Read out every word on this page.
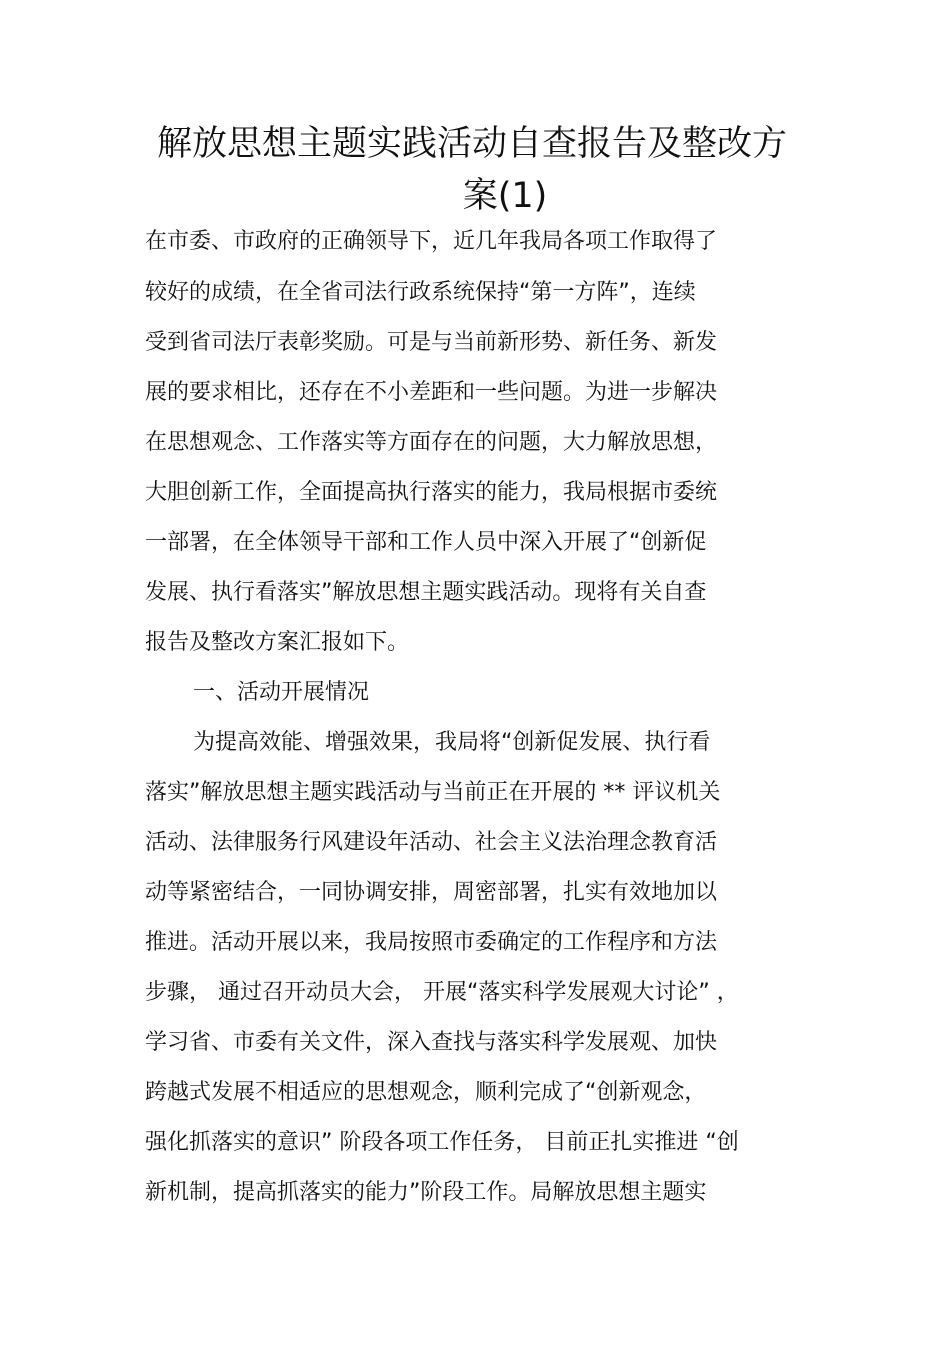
解放思想主题实践活动自查报告及整改方
案(1)
在市委、市政府的正确领导下，近几年我局各项工作取得了
较好的成绩，在全省司法行政系统保持“第一方阵”，连续
受到省司法厅表彰奖励。可是与当前新形势、新任务、新发
展的要求相比，还存在不小差距和一些问题。为进一步解决
在思想观念、工作落实等方面存在的问题，大力解放思想，
大胆创新工作，全面提高执行落实的能力，我局根据市委统
一部署，在全体领导干部和工作人员中深入开展了“创新促
发展、执行看落实”解放思想主题实践活动。现将有关自查
报告及整改方案汇报如下。
一、活动开展情况
为提高效能、增强效果，我局将“创新促发展、执行看
落实”解放思想主题实践活动与当前正在开展的 ** 评议机关
活动、法律服务行风建设年活动、社会主义法治理念教育活
动等紧密结合，一同协调安排，周密部署，扎实有效地加以
推进。活动开展以来，我局按照市委确定的工作程序和方法
步骤， 通过召开动员大会， 开展“落实科学发展观大讨论” ，
学习省、市委有关文件，深入查找与落实科学发展观、加快
跨越式发展不相适应的思想观念，顺利完成了“创新观念，
强化抓落实的意识” 阶段各项工作任务， 目前正扎实推进 “创
新机制，提高抓落实的能力”阶段工作。局解放思想主题实
